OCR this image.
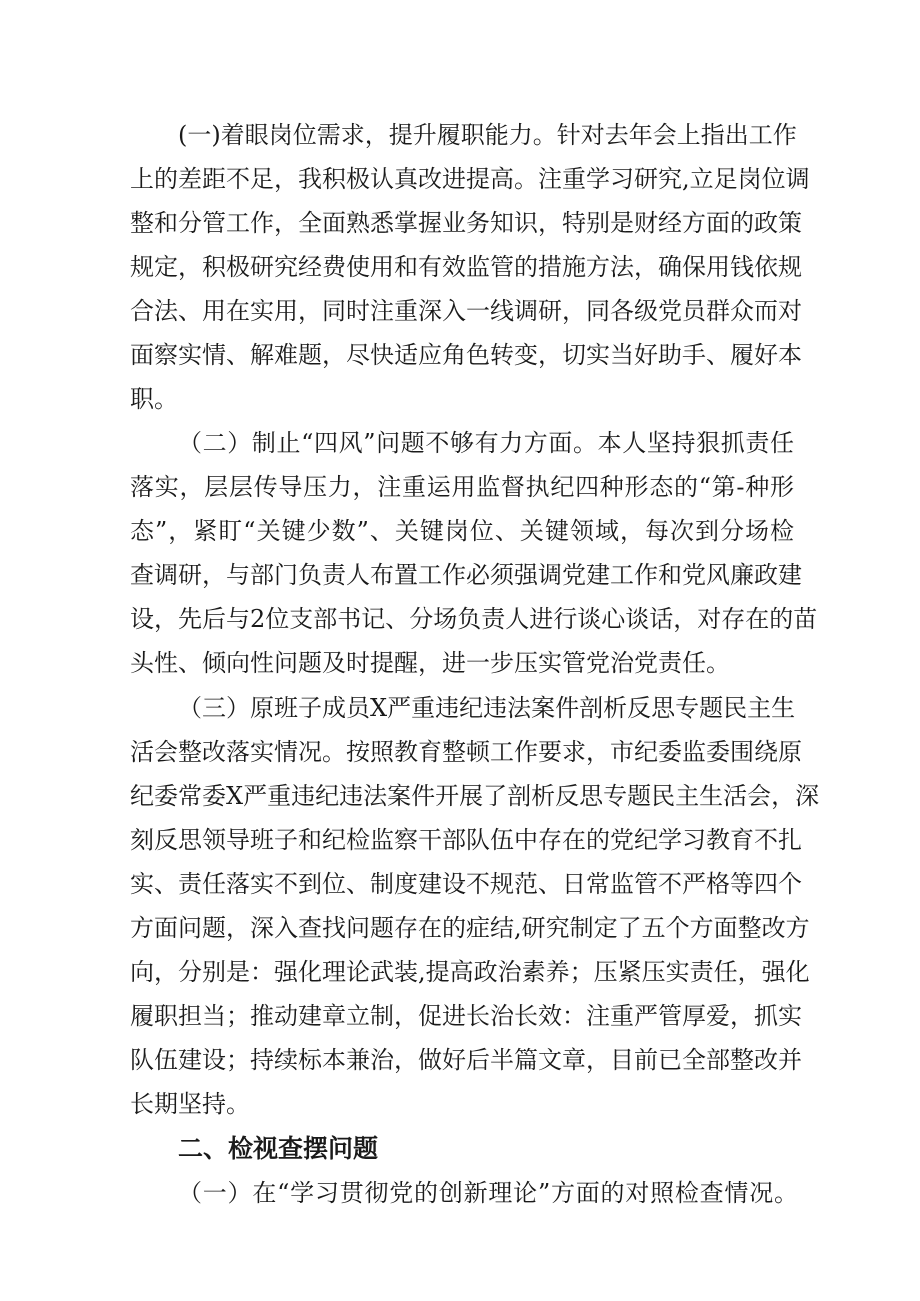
(一)着眼岗位需求，提升履职能力。针对去年会上指出工作
上的差距不足，我积极认真改进提高。注重学习研究,立足岗位调
整和分管工作，全面熟悉掌握业务知识，特别是财经方面的政策
规定，积极研究经费使用和有效监管的措施方法，确保用钱依规
合法、用在实用，同时注重深入一线调研，同各级党员群众而对
面察实情、解难题，尽快适应角色转变，切实当好助手、履好本
职。
（二）制止“四风”问题不够有力方面。本人坚持狠抓责任
落实，层层传导压力，注重运用监督执纪四种形态的“第-种形
态”，紧盯“关键少数”、关键岗位、关键领域，每次到分场检
查调研，与部门负责人布置工作必须强调党建工作和党风廉政建
设，先后与2位支部书记、分场负责人进行谈心谈话，对存在的苗
头性、倾向性问题及时提醒，进一步压实管党治党责任。
（三）原班子成员X严重违纪违法案件剖析反思专题民主生
活会整改落实情况。按照教育整顿工作要求，市纪委监委围绕原
纪委常委X严重违纪违法案件开展了剖析反思专题民主生活会，深
刻反思领导班子和纪检监察干部队伍中存在的党纪学习教育不扎
实、责任落实不到位、制度建设不规范、日常监管不严格等四个
方面问题，深入查找问题存在的症结,研究制定了五个方面整改方
向，分别是：强化理论武装,提高政治素养；压紧压实责任，强化
履职担当；推动建章立制，促进长治长效：注重严管厚爱，抓实
队伍建设；持续标本兼治，做好后半篇文章，目前已全部整改并
长期坚持。
二、检视查摆问题
（一）在“学习贯彻党的创新理论”方面的对照检查情况。
